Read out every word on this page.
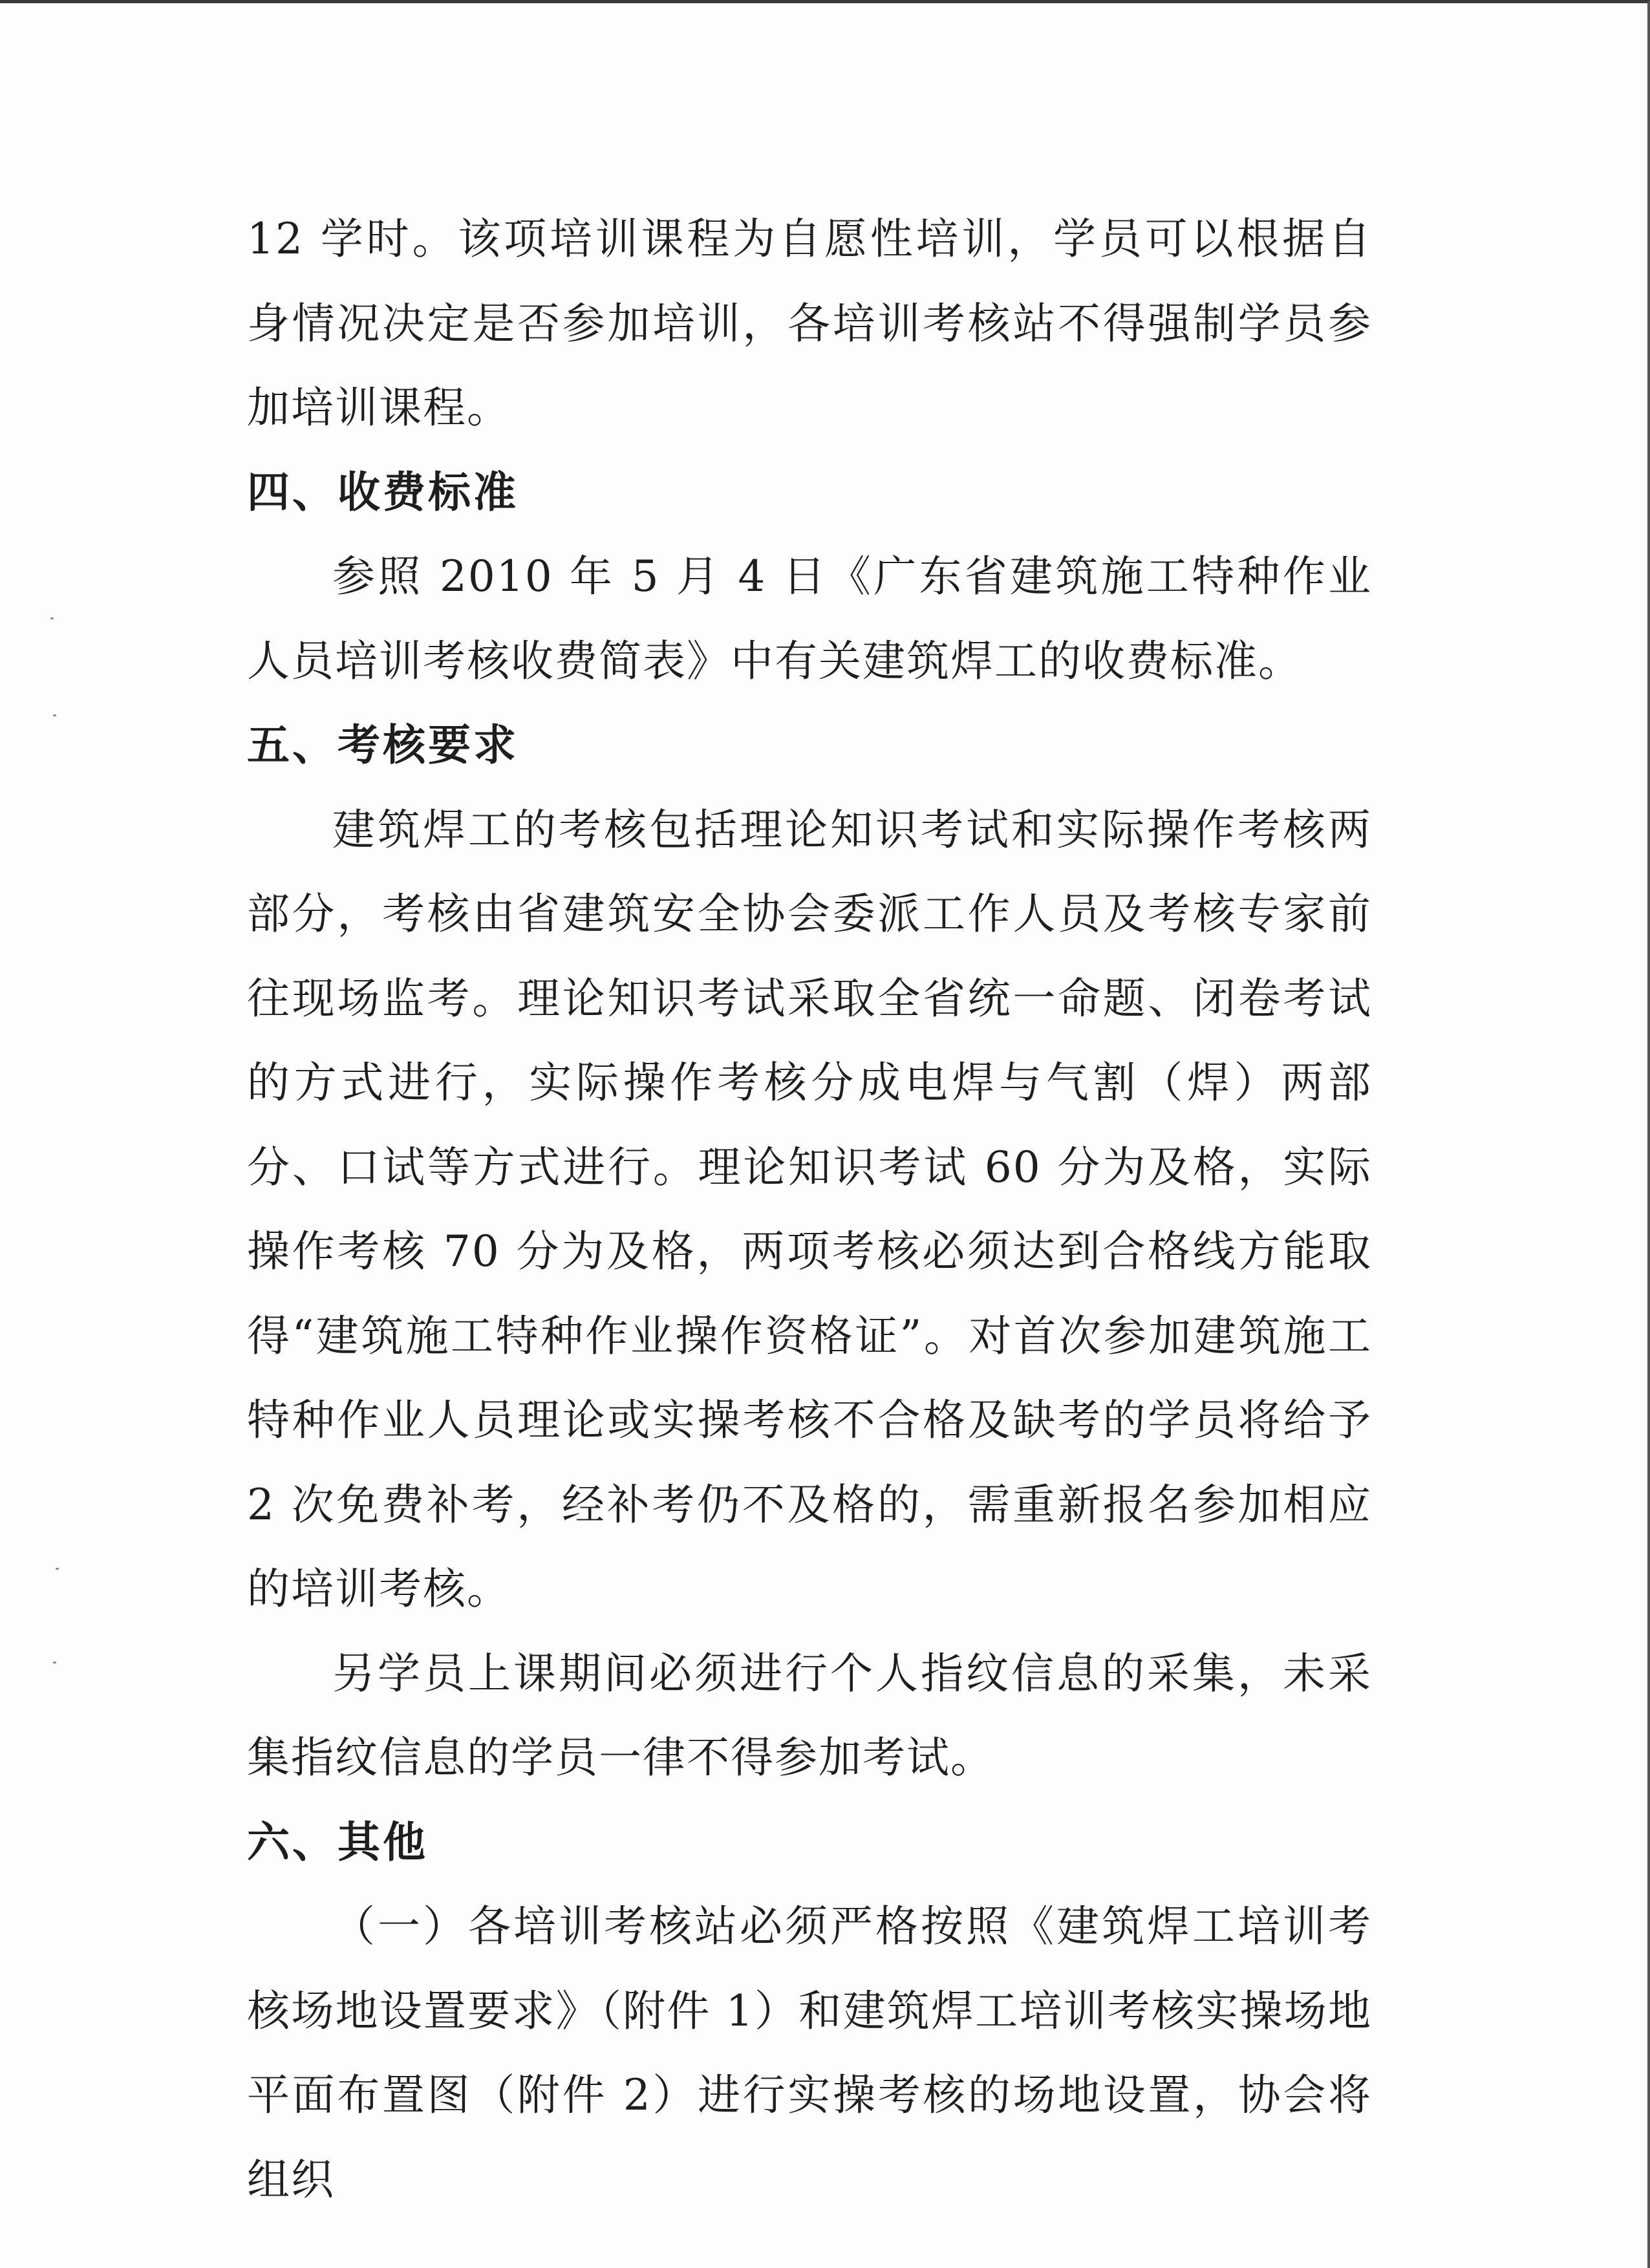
12 学时。该项培训课程为自愿性培训，学员可以根据自身情况决定是否参加培训，各培训考核站不得强制学员参加培训课程。

四、收费标准

参照 2010 年 5 月 4 日《广东省建筑施工特种作业人员培训考核收费简表》中有关建筑焊工的收费标准。

五、考核要求

建筑焊工的考核包括理论知识考试和实际操作考核两部分，考核由省建筑安全协会委派工作人员及考核专家前往现场监考。理论知识考试采取全省统一命题、闭卷考试的方式进行，实际操作考核分成电焊与气割（焊）两部分、口试等方式进行。理论知识考试 60 分为及格，实际操作考核 70 分为及格，两项考核必须达到合格线方能取得“建筑施工特种作业操作资格证”。对首次参加建筑施工特种作业人员理论或实操考核不合格及缺考的学员将给予 2 次免费补考，经补考仍不及格的，需重新报名参加相应的培训考核。

另学员上课期间必须进行个人指纹信息的采集，未采集指纹信息的学员一律不得参加考试。

六、其他

（一）各培训考核站必须严格按照《建筑焊工培训考核场地设置要求》（附件 1）和建筑焊工培训考核实操场地平面布置图（附件 2）进行实操考核的场地设置，协会将组织
